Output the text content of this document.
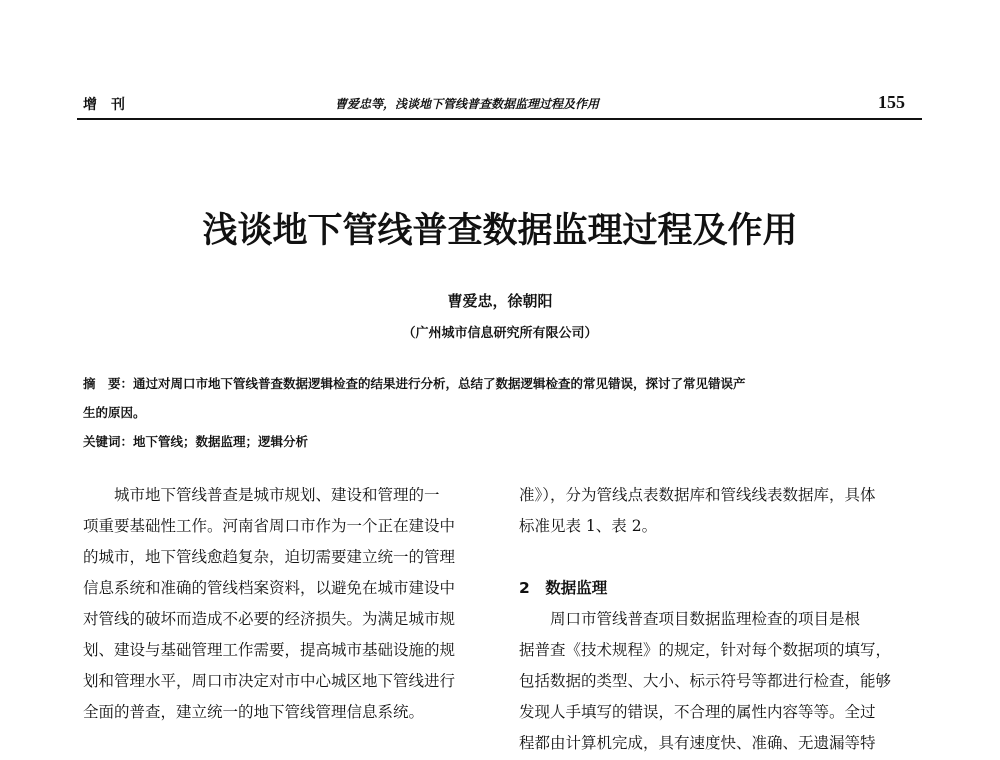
增刊	曹爱忠等，浅谈地下管线普查数据监理过程及作用	155
浅谈地下管线普查数据监理过程及作用
曹爱忠，徐朝阳
（广州城市信息研究所有限公司）
摘　要：通过对周口市地下管线普查数据逻辑检查的结果进行分析，总结了数据逻辑检查的常见错误，探讨了常见错误产
生的原因。
关键词：地下管线；数据监理；逻辑分析

　　城市地下管线普查是城市规划、建设和管理的一

项重要基础性工作。河南省周口市作为一个正在建设中

的城市，地下管线愈趋复杂，迫切需要建立统一的管理

信息系统和准确的管线档案资料，以避免在城市建设中

对管线的破坏而造成不必要的经济损失。为满足城市规

划、建设与基础管理工作需要，提高城市基础设施的规

划和管理水平，周口市决定对市中心城区地下管线进行

全面的普查，建立统一的地下管线管理信息系统。

准》），分为管线点表数据库和管线线表数据库，具体

标准见表 1、表 2。

2　数据监理

　　周口市管线普查项目数据监理检查的项目是根

据普查《技术规程》的规定，针对每个数据项的填写，

包括数据的类型、大小、标示符号等都进行检查，能够

发现人手填写的错误，不合理的属性内容等等。全过

程都由计算机完成，具有速度快、准确、无遗漏等特
